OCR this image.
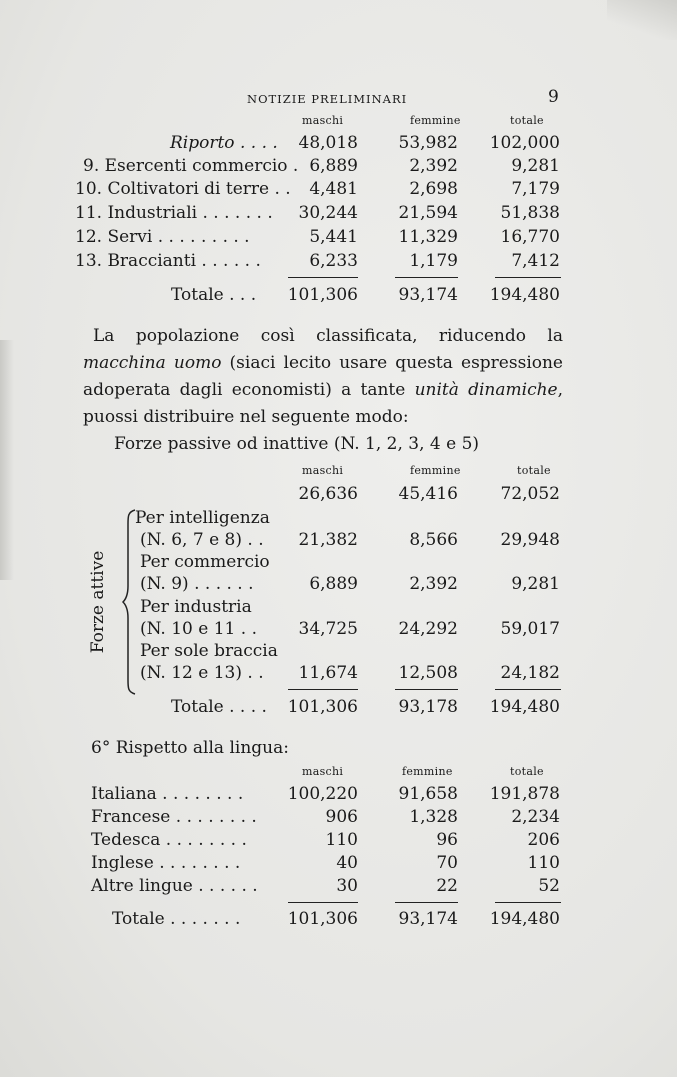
NOTIZIE PRELIMINARI	9
maschi	femmine	totale
Riporto . . . .	48,018	53,982	102,000
9. Esercenti commercio . 6,889	2,392	9,281
10. Coltivatori di terre . .	4,481	2,698	7,179
11. Industriali . . . . . . .	30,244	21,594	51,838
12. Servi . . . . . . . . .	5,441	11,329	16,770
13. Braccianti . . . . . .	6,233	1,179	7,412
Totale . . .	101,306	93,174	194,480
La popolazione così classificata, riducendo la macchina uomo (siaci lecito usare questa espressione adoperata dagli economisti) a tante unità dinamiche, puossi distribuire nel seguente modo:
Forze passive od inattive (N. 1, 2, 3, 4 e 5)
maschi	femmine	totale
26,636	45,416	72,052
Forze attive
Per intelligenza
(N. 6, 7 e 8) . .	21,382	8,566	29,948
Per commercio
(N. 9) . . . . . .	6,889	2,392	9,281
Per industria
(N. 10 e 11 . .	34,725	24,292	59,017
Per sole braccia
(N. 12 e 13) . .	11,674	12,508	24,182
Totale . . . .	101,306	93,178	194,480
6° Rispetto alla lingua:
maschi	femmine	totale
Italiana . . . . . . . .	100,220	91,658	191,878
Francese . . . . . . . .	906	1,328	2,234
Tedesca . . . . . . . .	110	96	206
Inglese . . . . . . . .	40	70	110
Altre lingue . . . . . .	30	22	52
Totale . . . . . . .	101,306	93,174	194,480
